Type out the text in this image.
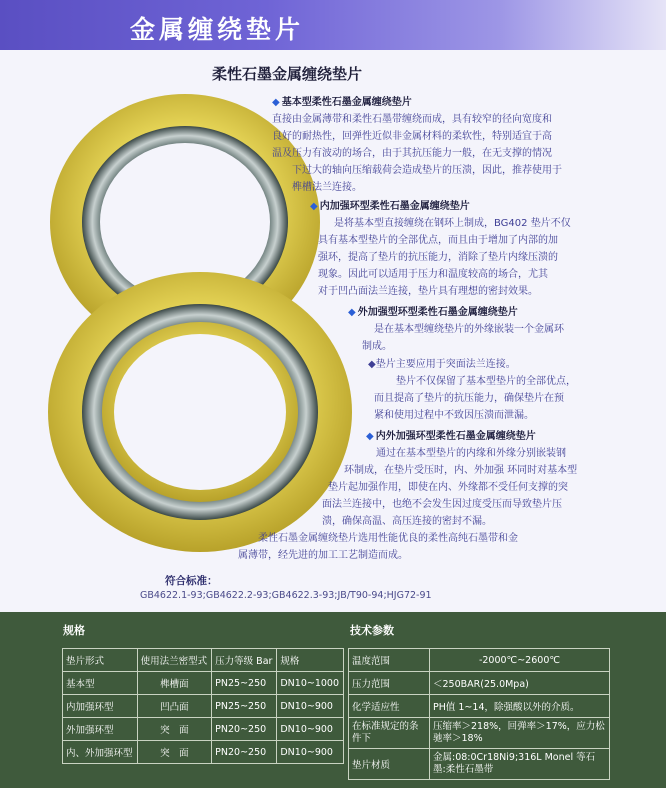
金属缠绕垫片
柔性石墨金属缠绕垫片
◆ 基本型柔性石墨金属缠绕垫片
直接由金属薄带和柔性石墨带缠绕而成，具有较窄的径向宽度和
良好的耐热性，回弹性近似非金属材料的柔软性，特别适宜于高
温及压力有波动的场合，由于其抗压能力一般，在无支撑的情况
下过大的轴向压缩载荷会造成垫片的压溃，因此，推荐使用于
榫槽法兰连接。
◆ 内加强环型柔性石墨金属缠绕垫片
是将基本型直接缠绕在钢环上制成，BG402 垫片不仅
具有基本型垫片的全部优点，而且由于增加了内部的加
强环，提高了垫片的抗压能力，消除了垫片内缘压溃的
现象。因此可以适用于压力和温度较高的场合，尤其
对于凹凸面法兰连接，垫片具有理想的密封效果。
◆ 外加强型环型柔性石墨金属缠绕垫片
是在基本型缠绕垫片的外缘嵌装一个金属环
制成。
◆垫片主要应用于突面法兰连接。
垫片不仅保留了基本型垫片的全部优点，
而且提高了垫片的抗压能力，确保垫片在预
紧和使用过程中不致因压溃而泄漏。
◆ 内外加强环型柔性石墨金属缠绕垫片
通过在基本型垫片的内缘和外缘分别嵌装钢
环制成，在垫片受压时，内、外加强 环同时对基本型
垫片起加强作用，即使在内、外缘都不受任何支撑的突
面法兰连接中，也绝不会发生因过度受压而导致垫片压
溃，确保高温、高压连接的密封不漏。
柔性石墨金属缠绕垫片选用性能优良的柔性高纯石墨带和金
属薄带，经先进的加工工艺制造而成。
符合标准：
GB4622.1-93;GB4622.2-93;GB4622.3-93;JB/T90-94;HJG72-91
规格	技术参数
垫片形式	使用法兰密型式	压力等级 Bar	规格
基本型	榫槽面	PN25~250	DN10~1000
内加强环型	凹凸面	PN25~250	DN10~900
外加强环型	突　面	PN20~250	DN10~900
内、外加强环型	突　面	PN20~250	DN10~900
温度范围	-2000℃~2600℃
压力范围	＜250BAR(25.0Mpa)
化学适应性	PH值 1~14，除强酸以外的介质。
在标准规定的条件下	压缩率＞218%，回弹率＞17%，应力松驰率＞18%
垫片材质	金属:08:0Cr18Ni9;316L Monel 等石墨:柔性石墨带
